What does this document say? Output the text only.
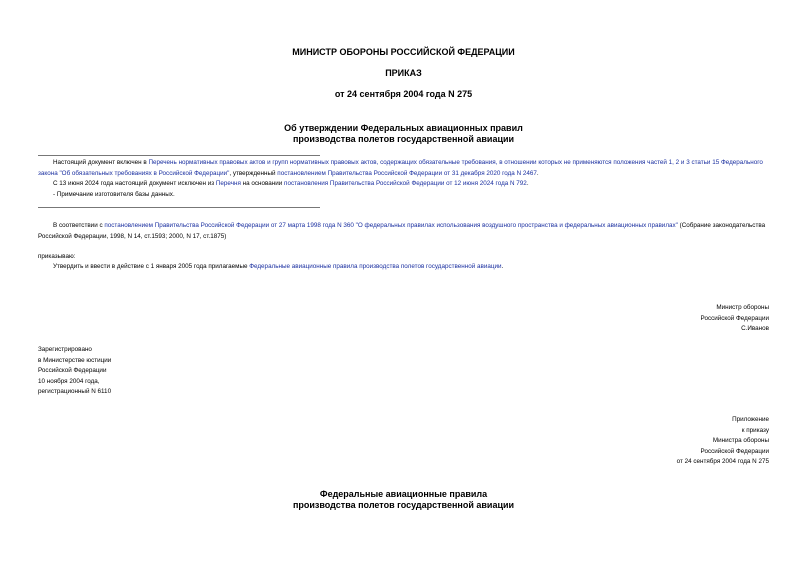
МИНИСТР ОБОРОНЫ РОССИЙСКОЙ ФЕДЕРАЦИИ
ПРИКАЗ
от 24 сентября 2004 года N 275
Об утверждении Федеральных авиационных правил
производства полетов государственной авиации

Настоящий документ включен в Перечень нормативных правовых актов и групп нормативных правовых актов, содержащих обязательные требования, в отношении которых не применяются положения частей 1, 2 и 3 статьи 15 Федерального закона "Об обязательных требованиях в Российской Федерации", утвержденный постановлением Правительства Российской Федерации от 31 декабря 2020 года N 2467.

С 13 июня 2024 года настоящий документ исключен из Перечня на основании постановления Правительства Российской Федерации от 12 июня 2024 года N 792.

- Примечание изготовителя базы данных.

В соответствии с постановлением Правительства Российской Федерации от 27 марта 1998 года N 360 "О федеральных правилах использования воздушного пространства и федеральных авиационных правилах" (Собрание законодательства Российской Федерации, 1998, N 14, ст.1593; 2000, N 17, ст.1875)

приказываю:

Утвердить и ввести в действие с 1 января 2005 года прилагаемые Федеральные авиационные правила производства полетов государственной авиации.

Министр обороны
Российской Федерации
С.Иванов
Зарегистрировано
в Министерстве юстиции
Российской Федерации
10 ноября 2004 года,
регистрационный N 6110
Приложение
к приказу
Министра обороны
Российской Федерации
от 24 сентября 2004 года N 275
Федеральные авиационные правила
производства полетов государственной авиации
